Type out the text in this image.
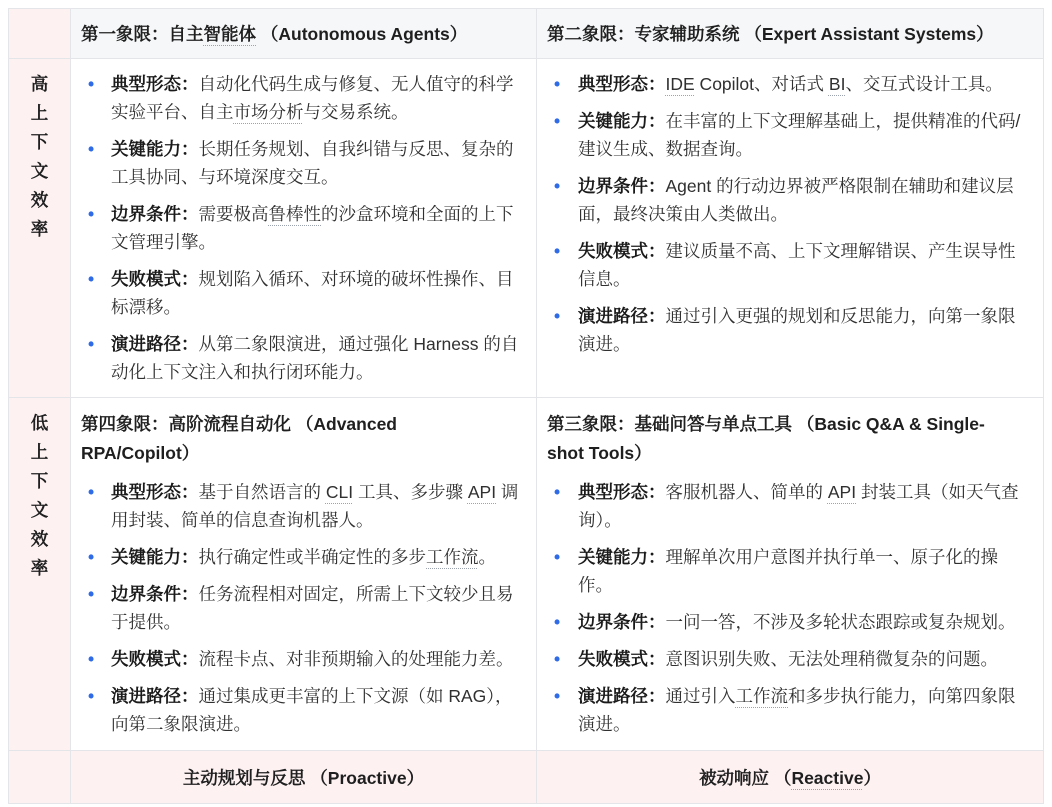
第一象限：自主智能体 （Autonomous Agents）	第二象限：专家辅助系统 （Expert Assistant Systems）
高上下文效率
• 典型形态：自动化代码生成与修复、无人值守的科学实验平台、自主市场分析与交易系统。
• 关键能力：长期任务规划、自我纠错与反思、复杂的工具协同、与环境深度交互。
• 边界条件：需要极高鲁棒性的沙盒环境和全面的上下文管理引擎。
• 失败模式：规划陷入循环、对环境的破坏性操作、目标漂移。
• 演进路径：从第二象限演进，通过强化 Harness 的自动化上下文注入和执行闭环能力。
• 典型形态：IDE Copilot、对话式 BI、交互式设计工具。
• 关键能力：在丰富的上下文理解基础上，提供精准的代码/建议生成、数据查询。
• 边界条件：Agent 的行动边界被严格限制在辅助和建议层面，最终决策由人类做出。
• 失败模式：建议质量不高、上下文理解错误、产生误导性信息。
• 演进路径：通过引入更强的规划和反思能力，向第一象限演进。
低上下文效率
第四象限：高阶流程自动化 （Advanced RPA/Copilot）
• 典型形态：基于自然语言的 CLI 工具、多步骤 API 调用封装、简单的信息查询机器人。
• 关键能力：执行确定性或半确定性的多步工作流。
• 边界条件：任务流程相对固定，所需上下文较少且易于提供。
• 失败模式：流程卡点、对非预期输入的处理能力差。
• 演进路径：通过集成更丰富的上下文源（如 RAG），向第二象限演进。
第三象限：基础问答与单点工具 （Basic Q&A & Single-shot Tools）
• 典型形态：客服机器人、简单的 API 封装工具（如天气查询）。
• 关键能力：理解单次用户意图并执行单一、原子化的操作。
• 边界条件：一问一答，不涉及多轮状态跟踪或复杂规划。
• 失败模式：意图识别失败、无法处理稍微复杂的问题。
• 演进路径：通过引入工作流和多步执行能力，向第四象限演进。
主动规划与反思 （Proactive）	被动响应 （Reactive）
